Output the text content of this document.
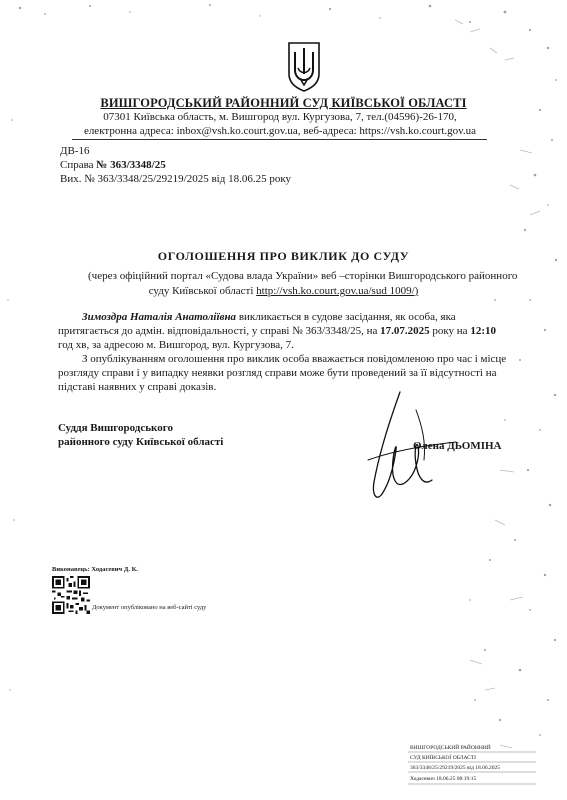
ВИШГОРОДСЬКИЙ РАЙОННИЙ СУД КИЇВСЬКОЇ ОБЛАСТІ
07301 Київська область, м. Вишгород вул. Кургузова, 7, тел.(04596)-26-170,
електронна адреса: inbox@vsh.ko.court.gov.ua, веб-адреса: https://vsh.ko.court.gov.ua
ДВ-16
Справа № 363/3348/25
Вих. № 363/3348/25/29219/2025 від 18.06.25 року
ОГОЛОШЕННЯ ПРО ВИКЛИК ДО СУДУ
(через офіційний портал «Судова влада України» веб –сторінки Вишгородського районного
суду Київської області http://vsh.ko.court.gov.ua/sud 1009/)

Зимоздра Наталія Анатоліївна викликається в судове засідання, як особа, яка притягається до адмін. відповідальності, у справі № 363/3348/25, на 17.07.2025 року на 12:10 год хв, за адресою м. Вишгород, вул. Кургузова, 7.

З опублікуванням оголошення про виклик особа вважається повідомленою про час і місце розгляду справи і у випадку неявки розгляд справи може бути проведений за її відсутності на підставі наявних у справі доказів.

Суддя Вишгородського
районного суду Київської області	Олена ДЬОМІНА
Виконавець: Ходасевич Д. К.
Документ опубліковано на веб-сайті суду
ВИШГОРОДСЬКИЙ РАЙОННИЙ
СУД КИЇВСЬКОЇ ОБЛАСТІ
363/3348/25/29219/2025 від 18.06.2025
Ходасевич 18.06.25 08:19:15
